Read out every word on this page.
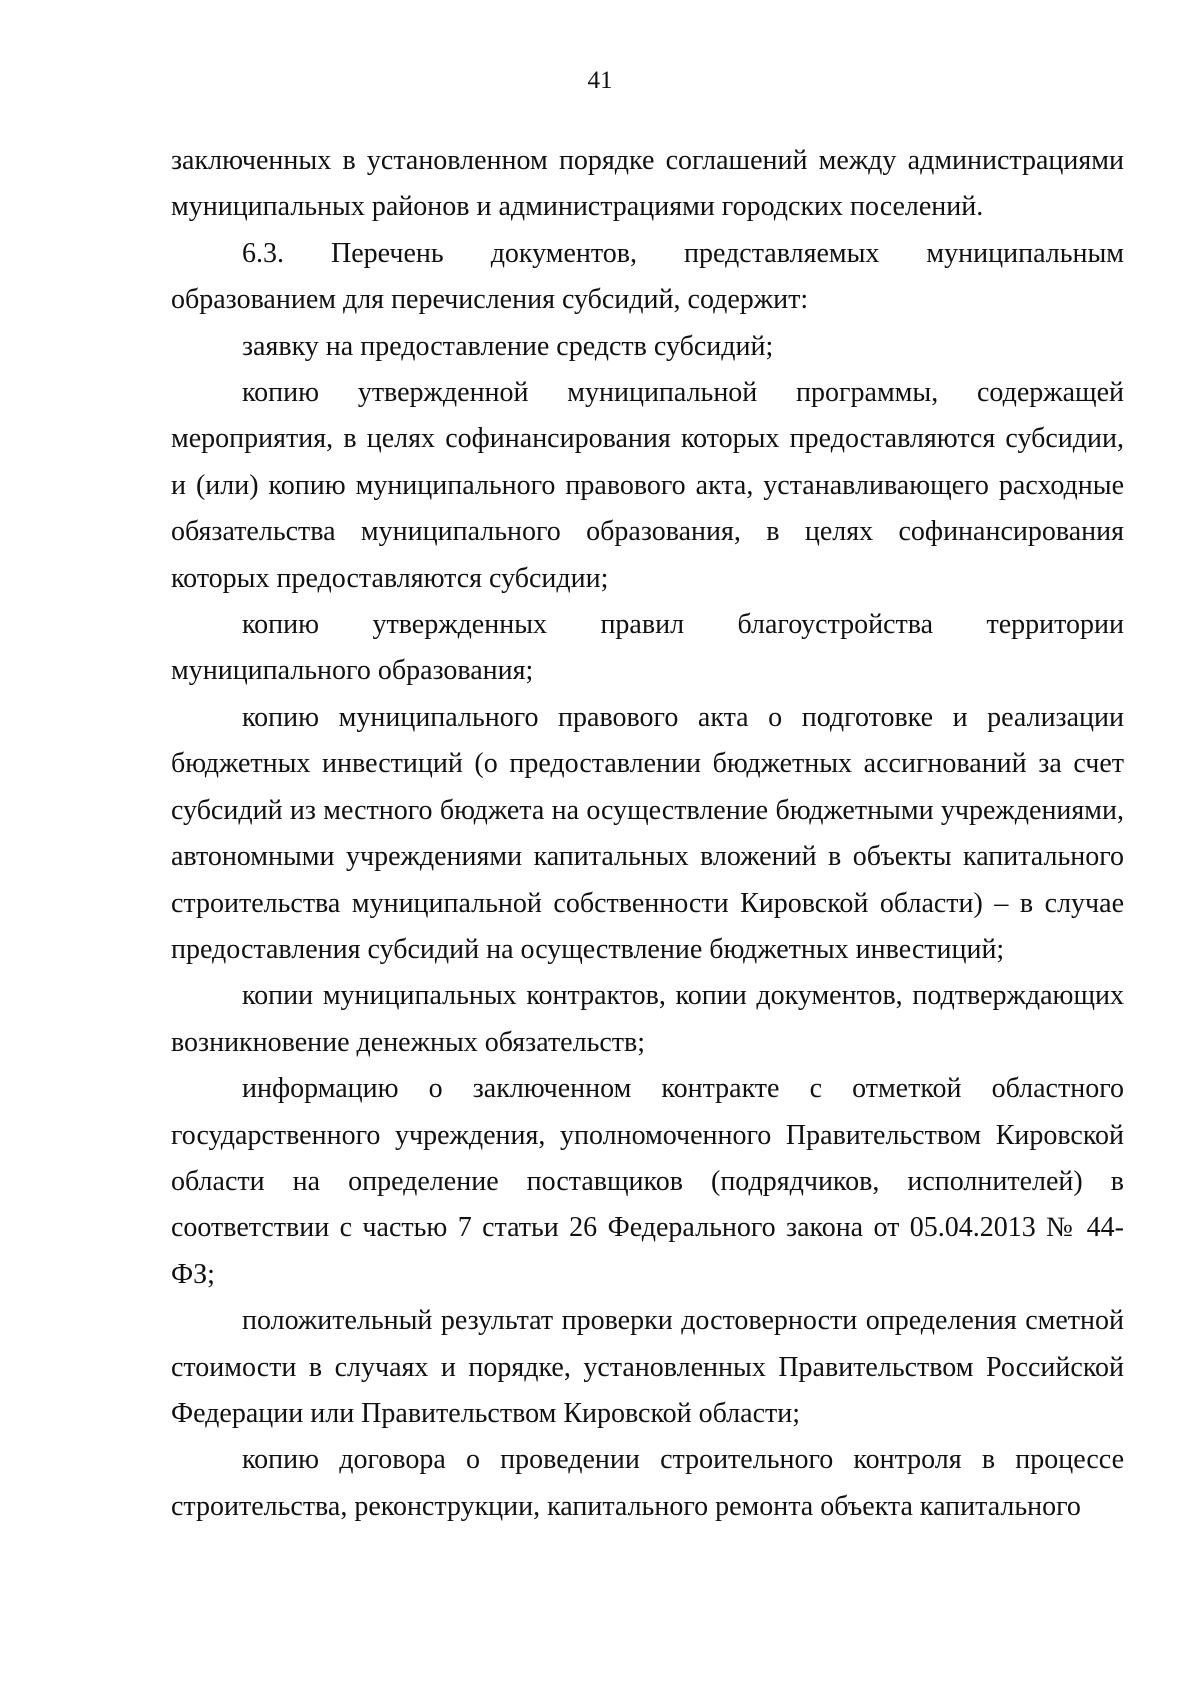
41

заключенных в установленном порядке соглашений между администрациями муниципальных районов и администрациями городских поселений.

6.3. Перечень документов, представляемых муниципальным образованием для перечисления субсидий, содержит:

заявку на предоставление средств субсидий;

копию утвержденной муниципальной программы, содержащей мероприятия, в целях софинансирования которых предоставляются субсидии, и (или) копию муниципального правового акта, устанавливающего расходные обязательства муниципального образования, в целях софинансирования которых предоставляются субсидии;

копию утвержденных правил благоустройства территории муниципального образования;

копию муниципального правового акта о подготовке и реализации бюджетных инвестиций (о предоставлении бюджетных ассигнований за счет субсидий из местного бюджета на осуществление бюджетными учреждениями, автономными учреждениями капитальных вложений в объекты капитального строительства муниципальной собственности Кировской области) – в случае предоставления субсидий на осуществление бюджетных инвестиций;

копии муниципальных контрактов, копии документов, подтверждающих возникновение денежных обязательств;

информацию о заключенном контракте с отметкой областного государственного учреждения, уполномоченного Правительством Кировской области на определение поставщиков (подрядчиков, исполнителей) в соответствии с частью 7 статьи 26 Федерального закона от 05.04.2013 № 44-ФЗ;

положительный результат проверки достоверности определения сметной стоимости в случаях и порядке, установленных Правительством Российской Федерации или Правительством Кировской области;

копию договора о проведении строительного контроля в процессе строительства, реконструкции, капитального ремонта объекта капитального
